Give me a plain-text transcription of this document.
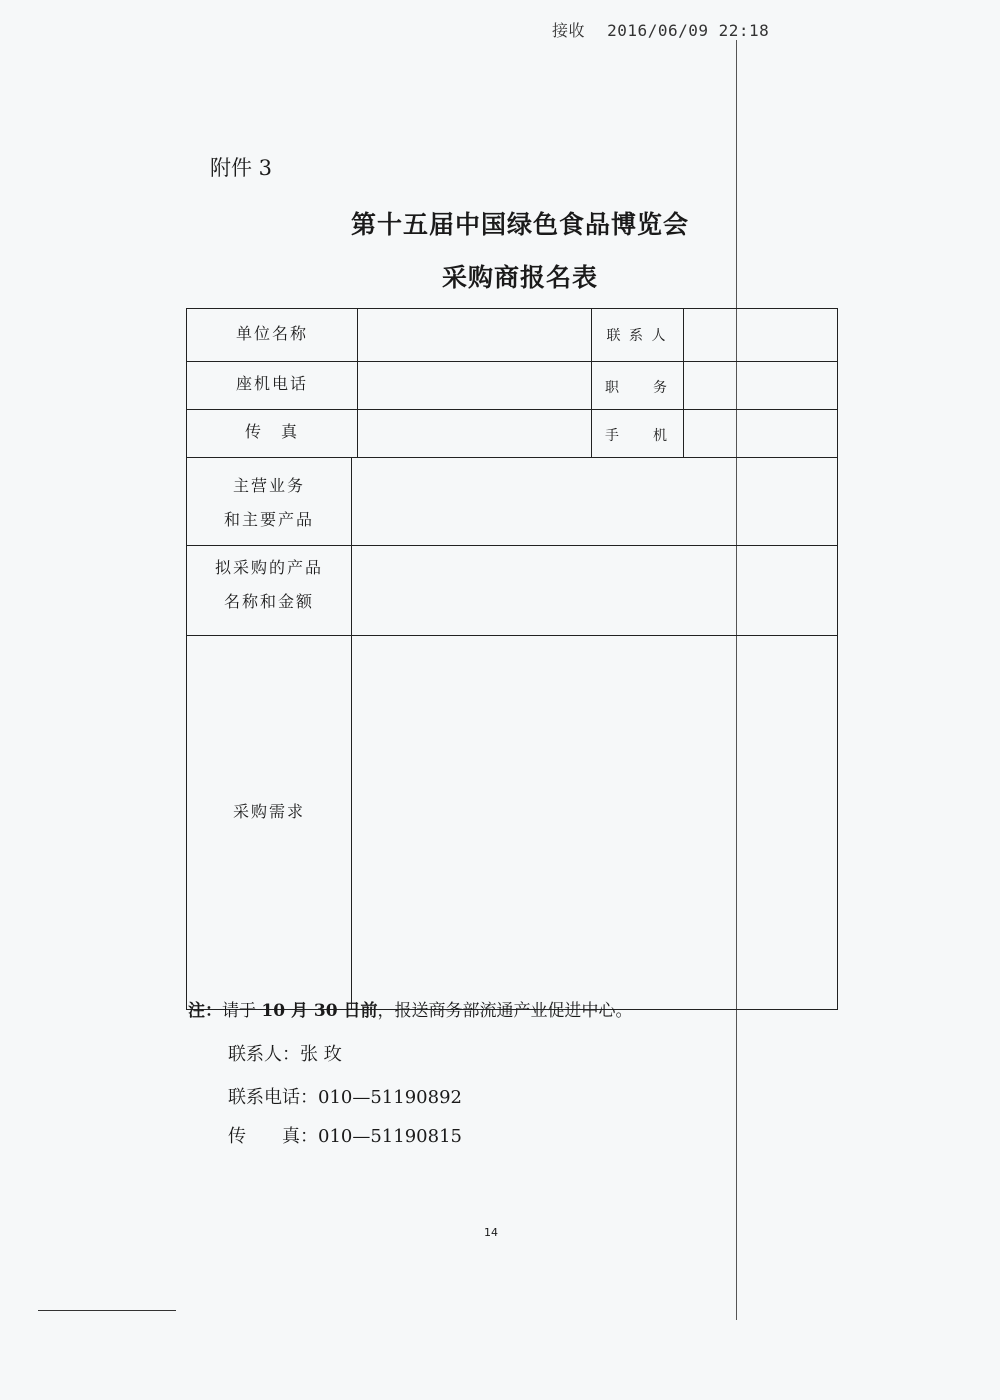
接收 2016/06/09 22:18
附件 3
第十五届中国绿色食品博览会
采购商报名表
单位名称	联 系 人
座机电话	职　　务
传　真	手　　机
主营业务
和主要产品
拟采购的产品
名称和金额
采购需求
注：请于 10 月 30 日前，报送商务部流通产业促进中心。
联系人：张 玫
联系电话：010—51190892
传　　真：010—51190815
14
